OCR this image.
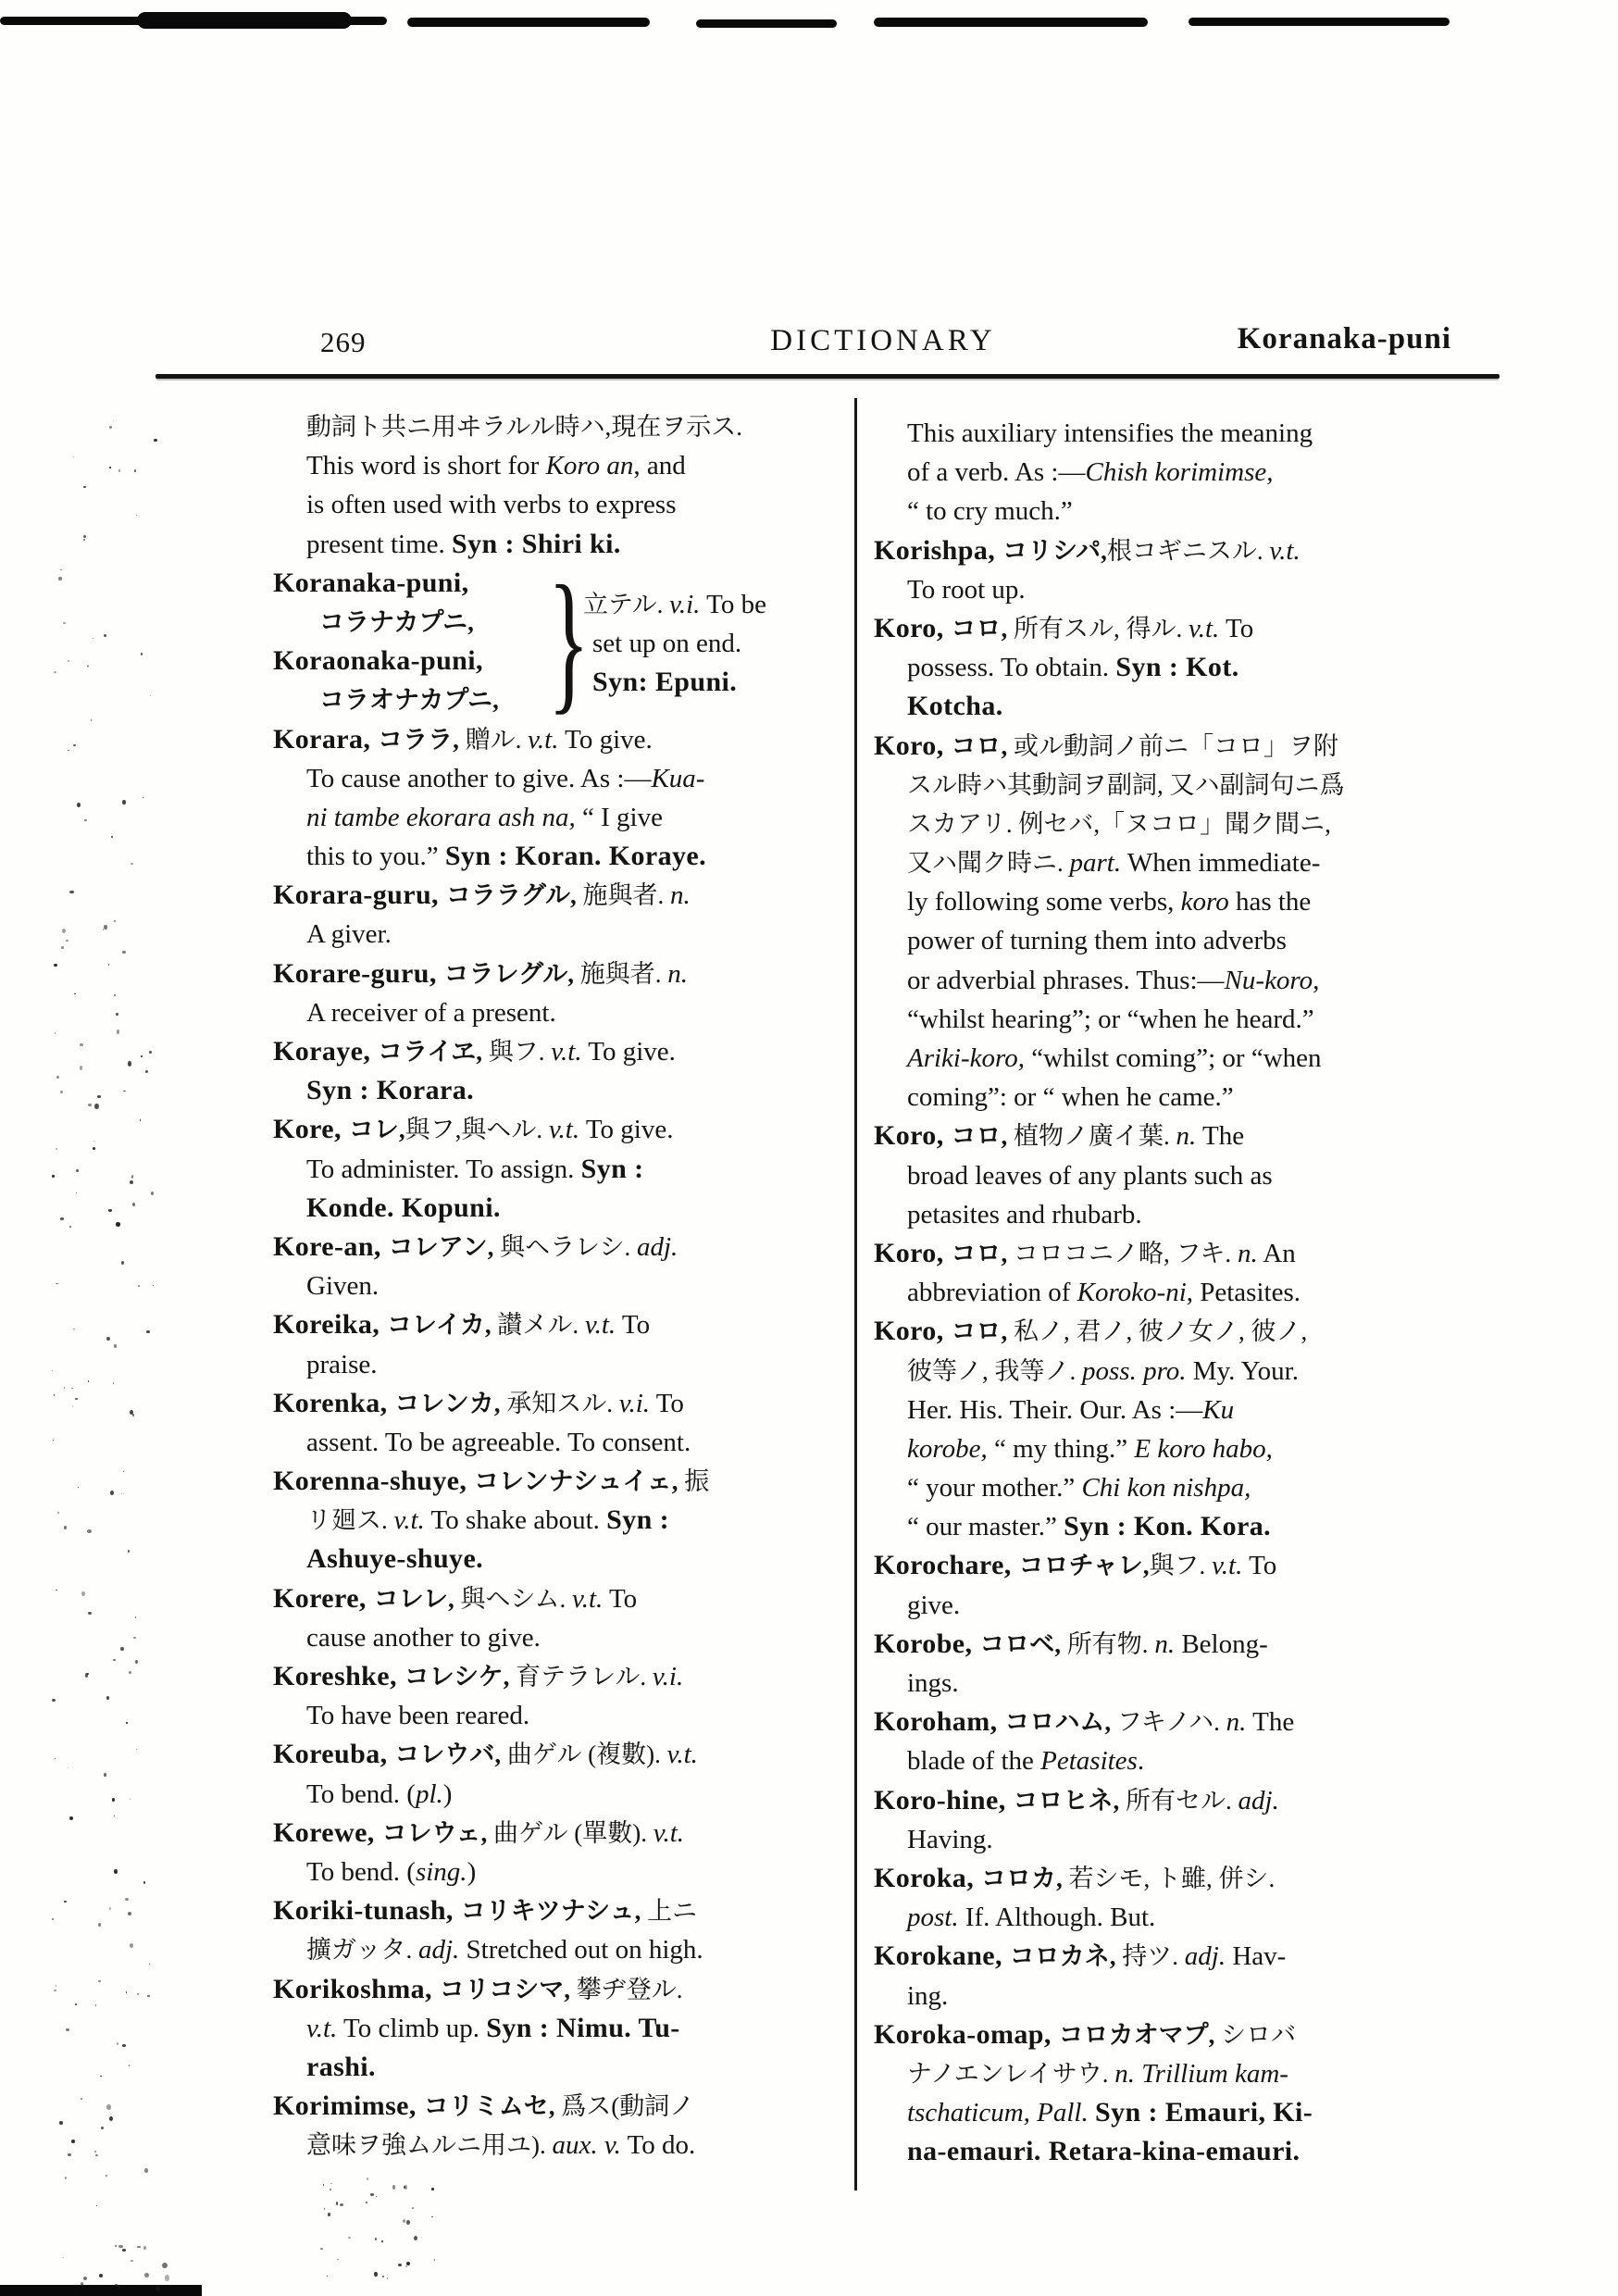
269	DICTIONARY	Koranaka-puni
動詞ト共ニ用ヰラルル時ハ,現在ヲ示ス.
This word is short for Koro an, and
is often used with verbs to express
present time. Syn : Shiri ki.
Koranaka-puni,
コラナカプニ,
Koraonaka-puni,
コラオナカプニ,
Korara, コララ, 贈ル. v.t. To give.
To cause another to give. As :—Kua-
ni tambe ekorara ash na, “ I give
this to you.” Syn : Koran. Koraye.
Korara-guru, コララグル, 施與者. n.
A giver.
Korare-guru, コラレグル, 施與者. n.
A receiver of a present.
Koraye, コライヱ, 與フ. v.t. To give.
Syn : Korara.
Kore, コレ,與フ,與ヘル. v.t. To give.
To administer. To assign. Syn :
Konde. Kopuni.
Kore-an, コレアン, 與ヘラレシ. adj.
Given.
Koreika, コレイカ, 讃メル. v.t. To
praise.
Korenka, コレンカ, 承知スル. v.i. To
assent. To be agreeable. To consent.
Korenna-shuye, コレンナシュイェ, 振
リ廻ス. v.t. To shake about. Syn :
Ashuye-shuye.
Korere, コレレ, 與ヘシム. v.t. To
cause another to give.
Koreshke, コレシケ, 育テラレル. v.i.
To have been reared.
Koreuba, コレウバ, 曲ゲル (複數). v.t.
To bend. (pl.)
Korewe, コレウェ, 曲ゲル (單數). v.t.
To bend. (sing.)
Koriki-tunash, コリキツナシュ, 上ニ
擴ガッタ. adj. Stretched out on high.
Korikoshma, コリコシマ, 攀ヂ登ル.
v.t. To climb up. Syn : Nimu. Tu-
rashi.
Korimimse, コリミムセ, 爲ス(動詞ノ
意味ヲ強ムルニ用ユ). aux. v. To do.
This auxiliary intensifies the meaning
of a verb. As :—Chish korimimse,
“ to cry much.”
Korishpa, コリシパ,根コギニスル. v.t.
To root up.
Koro, コロ, 所有スル, 得ル. v.t. To
possess. To obtain. Syn : Kot.
Kotcha.
Koro, コロ, 或ル動詞ノ前ニ「コロ」ヲ附
スル時ハ其動詞ヲ副詞, 又ハ副詞句ニ爲
スカアリ. 例セバ,「ヌコロ」聞ク間ニ,
又ハ聞ク時ニ. part. When immediate-
ly following some verbs, koro has the
power of turning them into adverbs
or adverbial phrases. Thus:—Nu-koro,
“whilst hearing”; or “when he heard.”
Ariki-koro, “whilst coming”; or “when
coming”: or “ when he came.”
Koro, コロ, 植物ノ廣イ葉. n. The
broad leaves of any plants such as
petasites and rhubarb.
Koro, コロ, コロコニノ略, フキ. n. An
abbreviation of Koroko-ni, Petasites.
Koro, コロ, 私ノ, 君ノ, 彼ノ女ノ, 彼ノ,
彼等ノ, 我等ノ. poss. pro. My. Your.
Her. His. Their. Our. As :—Ku
korobe, “ my thing.” E koro habo,
“ your mother.” Chi kon nishpa,
“ our master.” Syn : Kon. Kora.
Korochare, コロチャレ,與フ. v.t. To
give.
Korobe, コロベ, 所有物. n. Belong-
ings.
Koroham, コロハム, フキノハ. n. The
blade of the Petasites.
Koro-hine, コロヒネ, 所有セル. adj.
Having.
Koroka, コロカ, 若シモ, ト雖, 併シ.
post. If. Although. But.
Korokane, コロカネ, 持ツ. adj. Hav-
ing.
Koroka-omap, コロカオマプ, シロバ
ナノエンレイサウ. n. Trillium kam-
tschaticum, Pall. Syn : Emauri, Ki-
na-emauri. Retara-kina-emauri.
}
立テル. v.i. To be
set up on end.
Syn: Epuni.
